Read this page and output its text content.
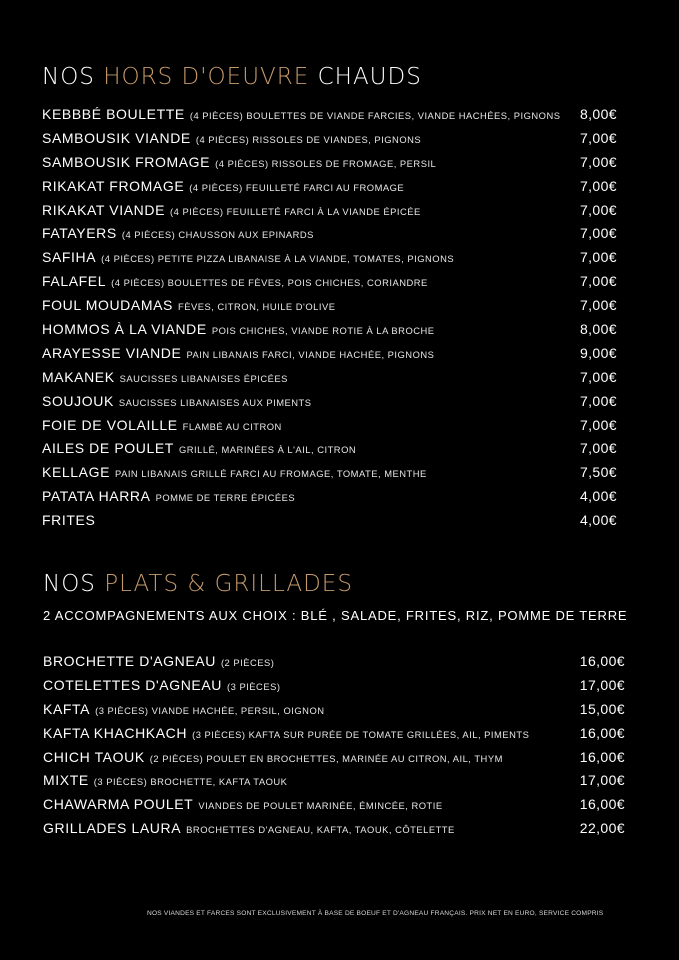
NOS HORS D'OEUVRE CHAUDS
KEBBBÉ BOULETTE (4 PIÈCES) BOULETTES DE VIANDE FARCIES, VIANDE HACHÉES, PIGNONS 8,00€
SAMBOUSIK VIANDE (4 PIÈCES) RISSOLES DE VIANDES, PIGNONS	7,00€
SAMBOUSIK FROMAGE (4 PIÈCES) RISSOLES DE FROMAGE, PERSIL	7,00€
RIKAKAT FROMAGE (4 PIÈCES) FEUILLETÉ FARCI AU FROMAGE	7,00€
RIKAKAT VIANDE (4 PIÈCES) FEUILLETÉ FARCI À LA VIANDE ÉPICÉE	7,00€
FATAYERS (4 PIÈCES) CHAUSSON AUX EPINARDS	7,00€
SAFIHA (4 PIÈCES) PETITE PIZZA LIBANAISE À LA VIANDE, TOMATES, PIGNONS	7,00€
FALAFEL (4 PIÈCES) BOULETTES DE FÈVES, POIS CHICHES, CORIANDRE	7,00€
FOUL MOUDAMAS FÈVES, CITRON, HUILE D'OLIVE	7,00€
HOMMOS À LA VIANDE POIS CHICHES, VIANDE ROTIE À LA BROCHE	8,00€
ARAYESSE VIANDE PAIN LIBANAIS FARCI, VIANDE HACHÉE, PIGNONS	9,00€
MAKANEK SAUCISSES LIBANAISES ÉPICÉES	7,00€
SOUJOUK SAUCISSES LIBANAISES AUX PIMENTS	7,00€
FOIE DE VOLAILLE FLAMBÉ AU CITRON	7,00€
AILES DE POULET GRILLÉ, MARINÉES À L'AIL, CITRON	7,00€
KELLAGE PAIN LIBANAIS GRILLÉ FARCI AU FROMAGE, TOMATE, MENTHE	7,50€
PATATA HARRA POMME DE TERRE ÉPICÉES	4,00€
FRITES	4,00€
NOS PLATS & GRILLADES
2 ACCOMPAGNEMENTS AUX CHOIX : BLÉ , SALADE, FRITES, RIZ, POMME DE TERRE
BROCHETTE D'AGNEAU (2 PIÈCES)	16,00€
COTELETTES D'AGNEAU (3 PIÈCES)	17,00€
KAFTA (3 PIÈCES) VIANDE HACHÉE, PERSIL, OIGNON	15,00€
KAFTA KHACHKACH (3 PIÈCES) KAFTA SUR PURÉE DE TOMATE GRILLÉES, AIL, PIMENTS	16,00€
CHICH TAOUK (2 PIÈCES) POULET EN BROCHETTES, MARINÉE AU CITRON, AIL, THYM	16,00€
MIXTE (3 PIÈCES) BROCHETTE, KAFTA TAOUK	17,00€
CHAWARMA POULET VIANDES DE POULET MARINÉE, ÉMINCÉE, ROTIE	16,00€
GRILLADES LAURA BROCHETTES D'AGNEAU, KAFTA, TAOUK, CÔTELETTE	22,00€
NOS VIANDES ET FARCES SONT EXCLUSIVEMENT À BASE DE BOEUF ET D'AGNEAU FRANÇAIS. PRIX NET EN EURO, SERVICE COMPRIS
